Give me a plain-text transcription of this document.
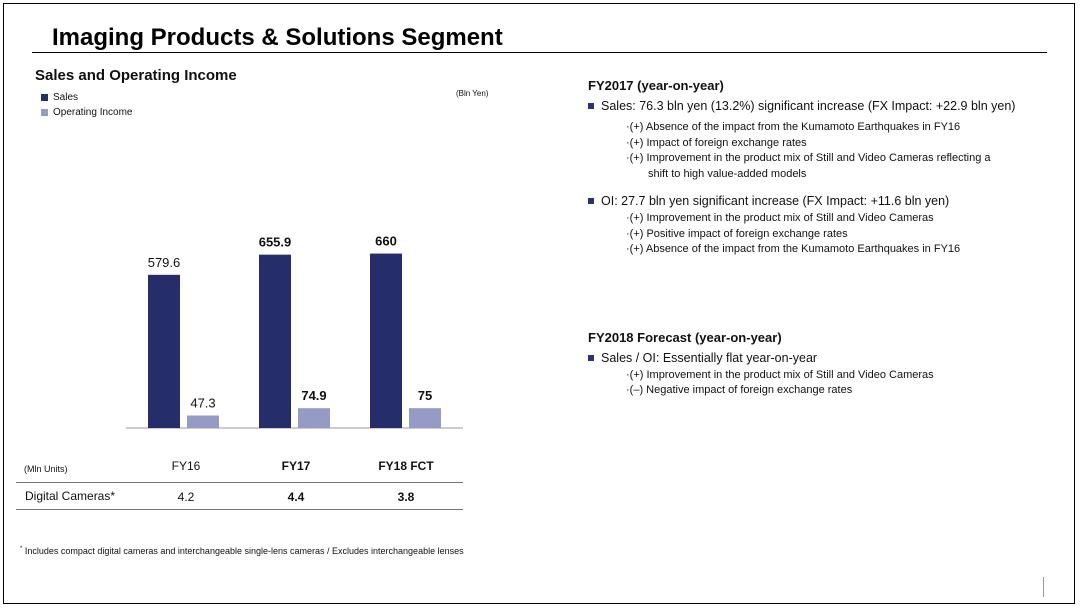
Imaging Products & Solutions Segment
Sales and Operating Income
Sales
Operating Income
(Bln Yen)
579.6
47.3
655.9
74.9
660
75
(Mln Units)	FY16	FY17	FY18 FCT
Digital Cameras*	4.2	4.4	3.8
* Includes compact digital cameras and interchangeable single-lens cameras / Excludes interchangeable lenses
FY2017 (year-on-year)
Sales: 76.3 bln yen (13.2%) significant increase (FX Impact: +22.9 bln yen)
·(+) Absence of the impact from the Kumamoto Earthquakes in FY16
·(+) Impact of foreign exchange rates
·(+) Improvement in the product mix of Still and Video Cameras reflecting a
shift to high value-added models
OI: 27.7 bln yen significant increase (FX Impact: +11.6 bln yen)
·(+) Improvement in the product mix of Still and Video Cameras
·(+) Positive impact of foreign exchange rates
·(+) Absence of the impact from the Kumamoto Earthquakes in FY16
FY2018 Forecast (year-on-year)
Sales / OI: Essentially flat year-on-year
·(+) Improvement in the product mix of Still and Video Cameras
·(–) Negative impact of foreign exchange rates
